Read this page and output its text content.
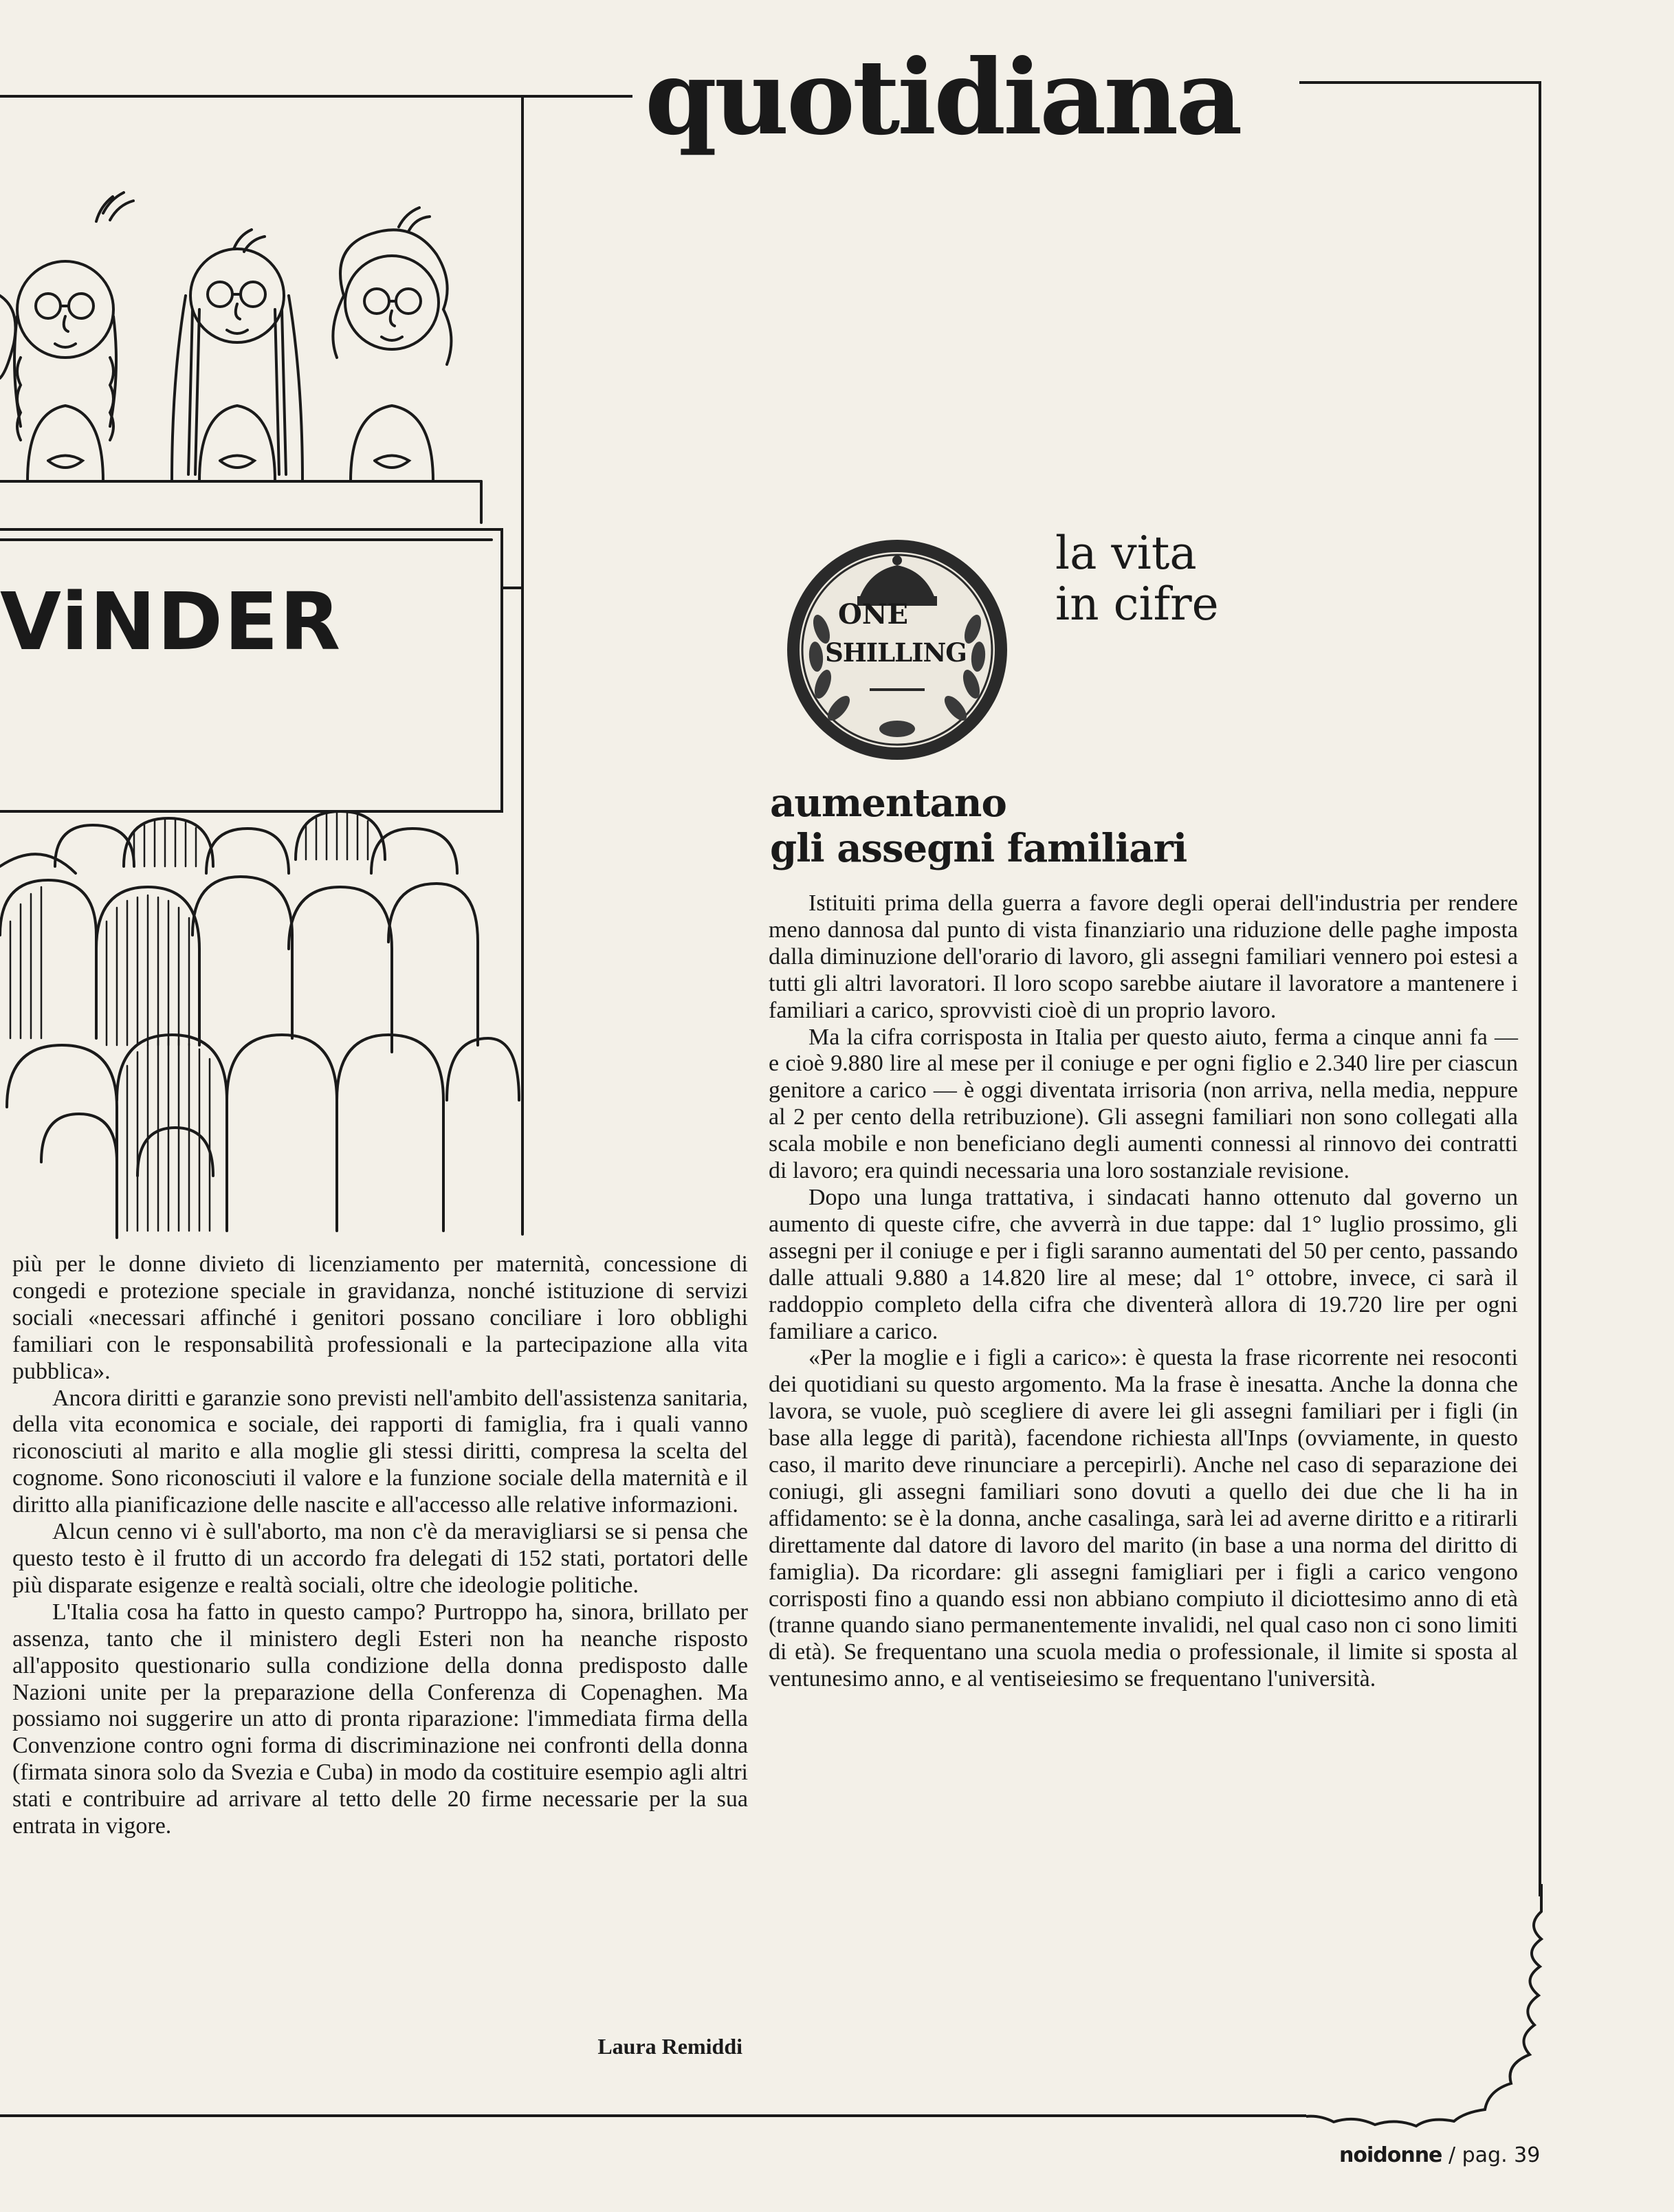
quotidiana
ViNDER	ONE
SHILLING
la vita
in cifre
aumentano
gli assegni familiari

più per le donne divieto di licenziamento per maternità, concessione di congedi e protezione speciale in gravidanza, nonché istituzione di servizi sociali «necessari affinché i genitori possano conciliare i loro obblighi familiari con le responsabilità professionali e la partecipazione alla vita pubblica».

Ancora diritti e garanzie sono previsti nell'ambito dell'assistenza sanitaria, della vita economica e sociale, dei rapporti di famiglia, fra i quali vanno riconosciuti al marito e alla moglie gli stessi diritti, compresa la scelta del cognome. Sono riconosciuti il valore e la funzione sociale della maternità e il diritto alla pianificazione delle nascite e all'accesso alle relative informazioni.

Alcun cenno vi è sull'aborto, ma non c'è da meravigliarsi se si pensa che questo testo è il frutto di un accordo fra delegati di 152 stati, portatori delle più disparate esigenze e realtà sociali, oltre che ideologie politiche.

L'Italia cosa ha fatto in questo campo? Purtroppo ha, sinora, brillato per assenza, tanto che il ministero degli Esteri non ha neanche risposto all'apposito questionario sulla condizione della donna predisposto dalle Nazioni unite per la preparazione della Conferenza di Copenaghen. Ma possiamo noi suggerire un atto di pronta riparazione: l'immediata firma della Convenzione contro ogni forma di discriminazione nei confronti della donna (firmata sinora solo da Svezia e Cuba) in modo da costituire esempio agli altri stati e contribuire ad arrivare al tetto delle 20 firme necessarie per la sua entrata in vigore.

Laura Remiddi

Istituiti prima della guerra a favore degli operai dell'industria per rendere meno dannosa dal punto di vista finanziario una riduzione delle paghe imposta dalla diminuzione dell'orario di lavoro, gli assegni familiari vennero poi estesi a tutti gli altri lavoratori. Il loro scopo sarebbe aiutare il lavoratore a mantenere i familiari a carico, sprovvisti cioè di un proprio lavoro.

Ma la cifra corrisposta in Italia per questo aiuto, ferma a cinque anni fa — e cioè 9.880 lire al mese per il coniuge e per ogni figlio e 2.340 lire per ciascun genitore a carico — è oggi diventata irrisoria (non arriva, nella media, neppure al 2 per cento della retribuzione). Gli assegni familiari non sono collegati alla scala mobile e non beneficiano degli aumenti connessi al rinnovo dei contratti di lavoro; era quindi necessaria una loro sostanziale revisione.

Dopo una lunga trattativa, i sindacati hanno ottenuto dal governo un aumento di queste cifre, che avverrà in due tappe: dal 1° luglio prossimo, gli assegni per il coniuge e per i figli saranno aumentati del 50 per cento, passando dalle attuali 9.880 a 14.820 lire al mese; dal 1° ottobre, invece, ci sarà il raddoppio completo della cifra che diventerà allora di 19.720 lire per ogni familiare a carico.

«Per la moglie e i figli a carico»: è questa la frase ricorrente nei resoconti dei quotidiani su questo argomento. Ma la frase è inesatta. Anche la donna che lavora, se vuole, può scegliere di avere lei gli assegni familiari per i figli (in base alla legge di parità), facendone richiesta all'Inps (ovviamente, in questo caso, il marito deve rinunciare a percepirli). Anche nel caso di separazione dei coniugi, gli assegni familiari sono dovuti a quello dei due che li ha in affidamento: se è la donna, anche casalinga, sarà lei ad averne diritto e a ritirarli direttamente dal datore di lavoro del marito (in base a una norma del diritto di famiglia). Da ricordare: gli assegni famigliari per i figli a carico vengono corrisposti fino a quando essi non abbiano compiuto il diciottesimo anno di età (tranne quando siano permanentemente invalidi, nel qual caso non ci sono limiti di età). Se frequentano una scuola media o professionale, il limite si sposta al ventunesimo anno, e al ventiseiesimo se frequentano l'università.

noidonne / pag. 39
